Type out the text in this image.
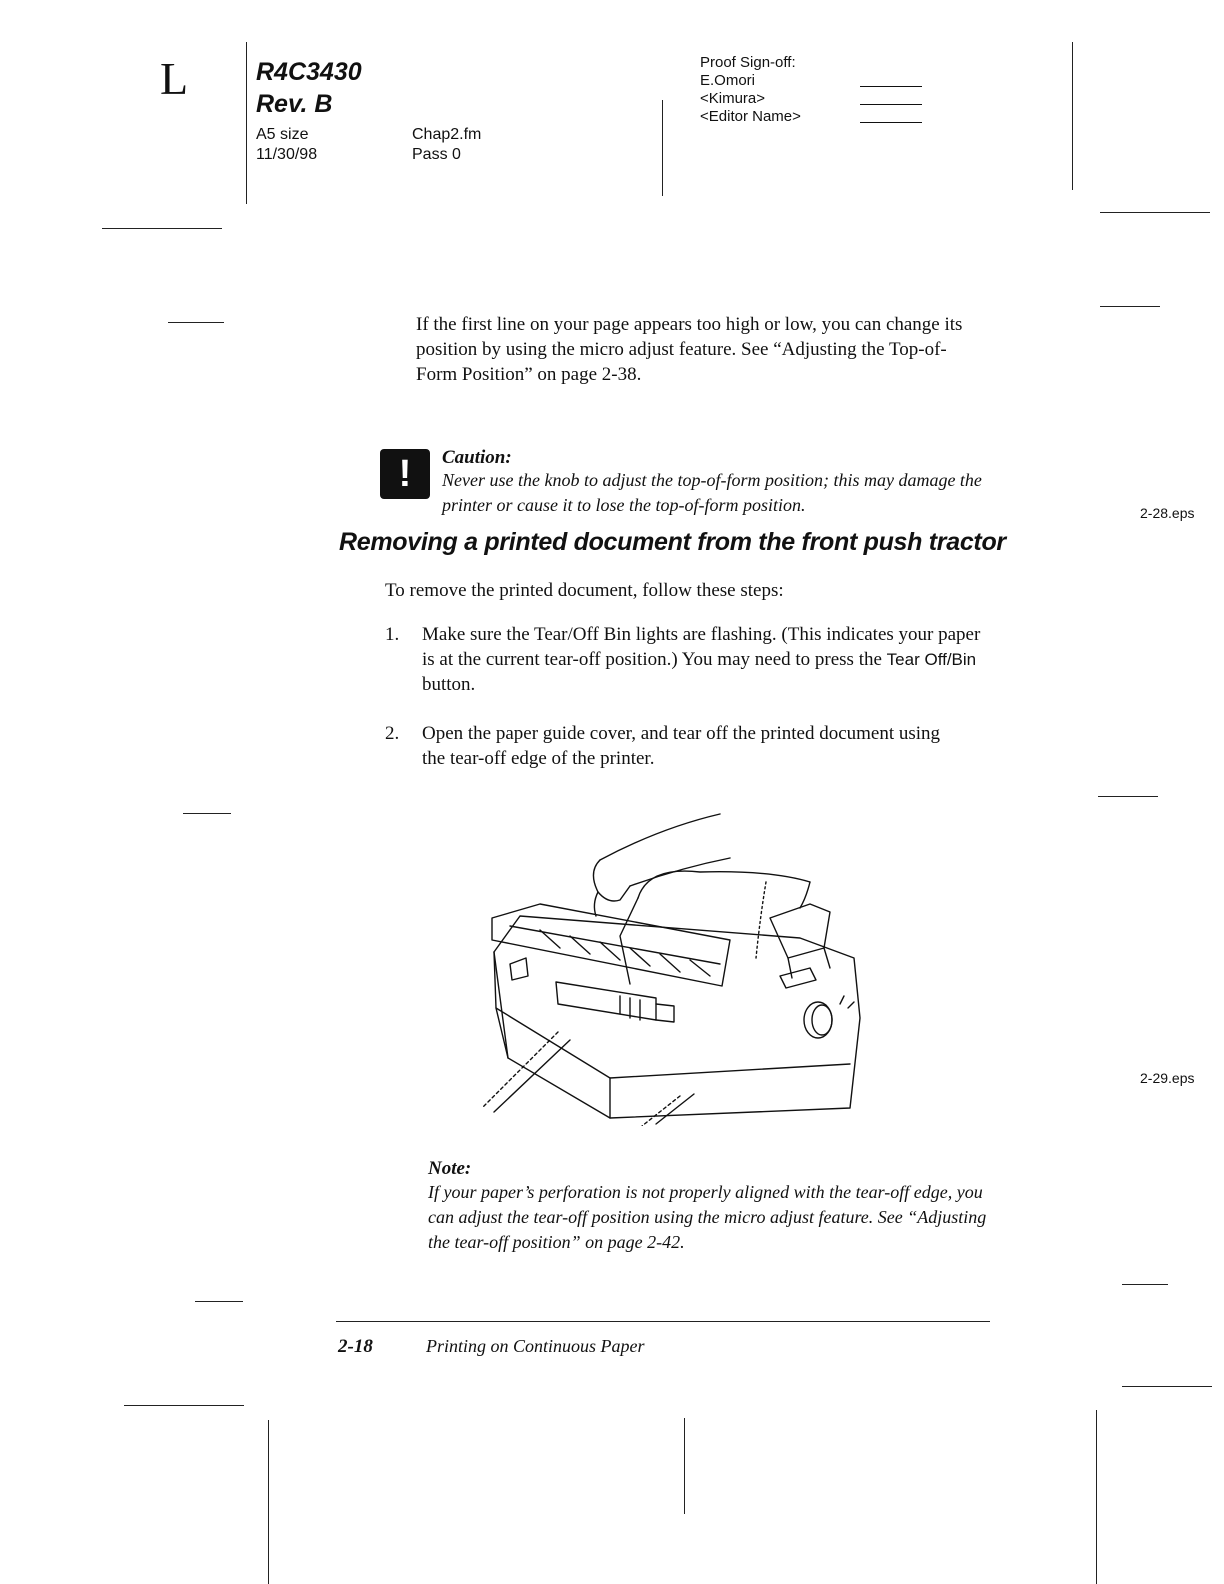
L	R4C3430
Rev. B
A5 size
11/30/98
Chap2.fm
Pass 0
Proof Sign-off:
E.Omori
<Kimura>
<Editor Name>
If the first line on your page appears too high or low, you can change its position by using the micro adjust feature. See “Adjusting the Top-of-Form Position” on page 2-38.
! Caution:
Never use the knob to adjust the top-of-form position; this may damage the printer or cause it to lose the top-of-form position.	2-28.eps
Removing a printed document from the front push tractor
To remove the printed document, follow these steps:
1. Make sure the Tear/Off Bin lights are flashing. (This indicates your paper is at the current tear-off position.) You may need to press the Tear Off/Bin button.
2. Open the paper guide cover, and tear off the printed document using the tear-off edge of the printer.
2-29.eps
Note:
If your paper’s perforation is not properly aligned with the tear-off edge, you can adjust the tear-off position using the micro adjust feature. See “Adjusting the tear-off position” on page 2-42.
2-18	Printing on Continuous Paper
